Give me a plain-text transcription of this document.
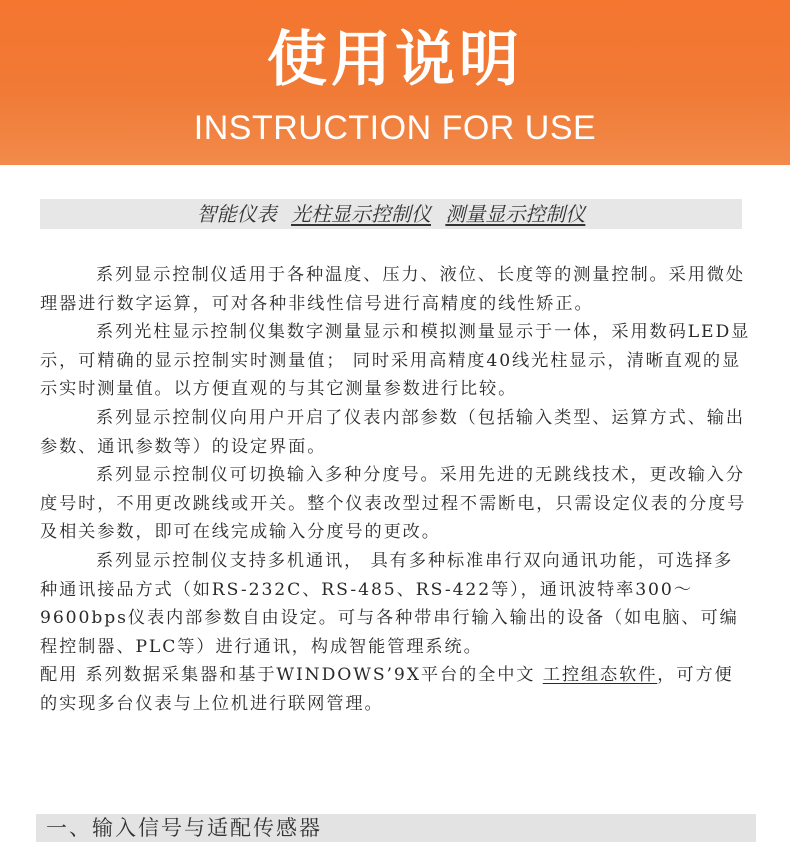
使用说明
INSTRUCTION FOR USE
智能仪表 光柱显示控制仪 测量显示控制仪

系列显示控制仪适用于各种温度、压力、液位、长度等的测量控制。采用微处理器进行数字运算，可对各种非线性信号进行高精度的线性矫正。

系列光柱显示控制仪集数字测量显示和模拟测量显示于一体，采用数码LED显示，可精确的显示控制实时测量值； 同时采用高精度40线光柱显示，清晰直观的显示实时测量值。以方便直观的与其它测量参数进行比较。

系列显示控制仪向用户开启了仪表内部参数（包括输入类型、运算方式、输出参数、通讯参数等）的设定界面。

系列显示控制仪可切换输入多种分度号。采用先进的无跳线技术，更改输入分度号时，不用更改跳线或开关。整个仪表改型过程不需断电，只需设定仪表的分度号及相关参数，即可在线完成输入分度号的更改。

系列显示控制仪支持多机通讯， 具有多种标准串行双向通讯功能，可选择多种通讯接品方式（如RS-232C、RS-485、RS-422等），通讯波特率300～9600bps仪表内部参数自由设定。可与各种带串行输入输出的设备（如电脑、可编程控制器、PLC等）进行通讯，构成智能管理系统。

配用 系列数据采集器和基于WINDOWS’9X平台的全中文 工控组态软件，可方便的实现多台仪表与上位机进行联网管理。

一、输入信号与适配传感器
